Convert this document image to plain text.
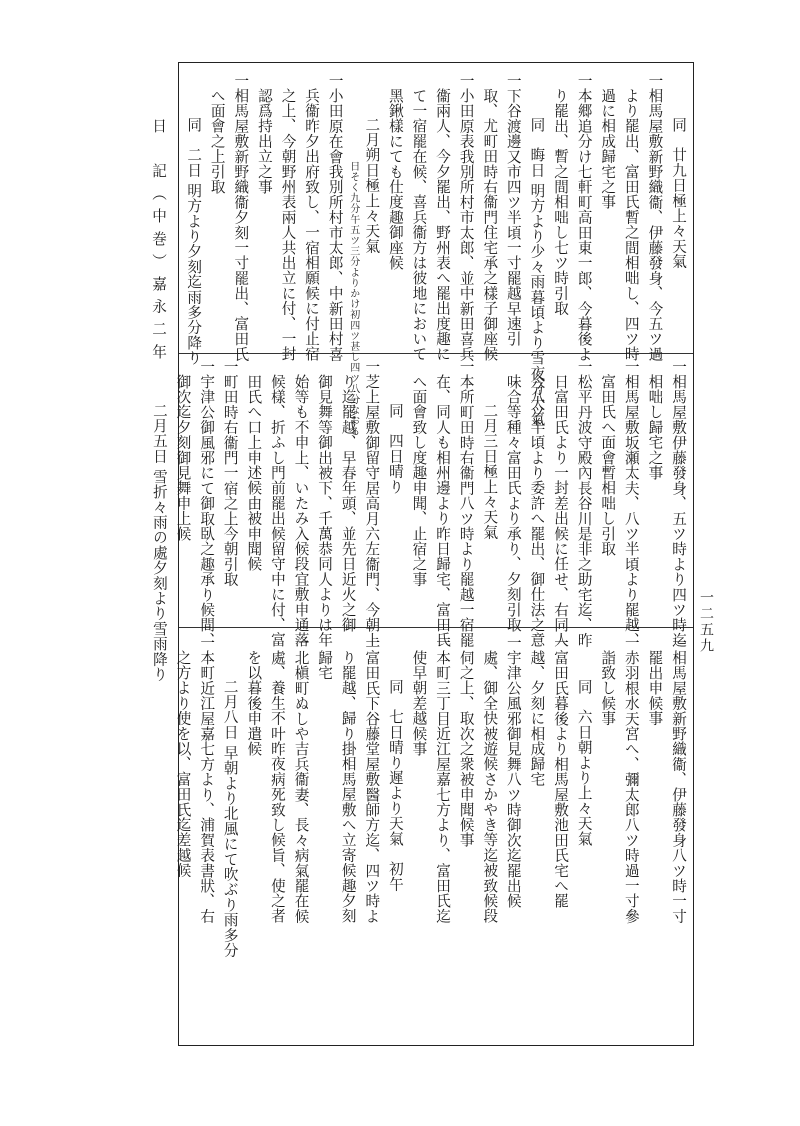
日　記（中巻）嘉永二年
一二五九
同　廿九日極上々天氣
一相馬屋敷新野織衞、伊藤發身、今五ツ過
より罷出、富田氏暫之間相咄し、四ツ時
過に相成歸宅之事
一本郷追分け七軒町高田東一郎、今暮後よ
り罷出、暫之間相咄し七ツ時引取
同　晦日 明方より少々雨暮頃より雪夜分大氣
一下谷渡邊又市四ツ半頃一寸罷越早速引
取、尤町田時右衞門住宅承之樣子御座候
一小田原表我別所村市太郎、並中新田喜兵
衞兩人、今夕罷出、野州表へ罷出度趣に
て一宿罷在候、喜兵衞方は彼地において
黑鍬樣にても仕度趣御座候
二月朔日極上々天氣
日そく九分午五ツ三分よりかけ初四ツ甚し四ツ八分なおる
一小田原在會我別所村市太郎、中新田村喜
兵衞昨夕出府致し、一宿相願候に付止宿
之上、今朝野州表兩人共出立に付、一封
認爲持出立之事
一相馬屋敷新野織衞夕刻一寸罷出、富田氏
へ面會之上引取
同　二日 明方より夕刻迄雨多分降り
一相馬屋敷伊藤發身、五ツ時より四ツ時迄
相咄し歸宅之事
一相馬屋敷坂瀬太夫、八ツ半頃より罷越、
富田氏へ面會暫相咄し引取
一松平丹波守殿內長谷川是非之助宅迄、昨
日富田氏より一封差出候に任せ、右同人
今八ツ半頃より委許へ罷出、御仕法之意
味合等種々富田氏より承り、夕刻引取
二月三日極上々天氣
一本所町田時右衞門八ツ時より罷越一宿罷
在、同人も相州邊より昨日歸宅、富田氏
へ面會致し度趣申聞、止宿之事
同　四日晴り
一芝上屋敷御留守居高月六左衞門、今朝上
り迄罷越、早春年頭、並先日近火之御
御見舞等御出被下、千萬恭同人よりは年
始等も不申上、いたみ入候段宜敷申通落
候樣、折ふし門前罷出候留守中に付、富
田氏へ口上申述候由被申聞候
一町田時右衞門一宿之上今朝引取
一宇津公御風邪にて御取臥之趣承り候間、
御次迄夕刻御見舞申上候
二月五日 雪折々雨の處夕刻より雪雨降り
一相馬屋敷新野織衞、伊藤發身八ツ時一寸
罷出申候事
一赤羽根水天宮へ、彌太郎八ツ時過一寸參
詣致し候事
同　六日朝より上々天氣
一富田氏暮後より相馬屋敷池田氏宅へ罷
越、夕刻に相成歸宅
一宇津公風邪御見舞八ツ時御次迄罷出候
處、御全快被遊候さかやき等迄被致候段
伺之上、取次之衆被申聞候事
一本町三丁目近江屋嘉七方より、富田氏迄
使早朝差越候事
同　七日晴り遲より天氣　初午
一富田氏下谷藤堂屋敷醫師方迄、四ツ時よ
り罷越、歸り掛相馬屋敷へ立寄候趣夕刻
歸宅
一北槇町ぬしや吉兵衞妻、長々病氣罷在候
處、養生不叶昨夜病死致し候旨、使之者
を以暮後申遣候
二月八日 早朝より北風にて吹ぶり雨多分
一本町近江屋嘉七方より、浦賀表書狀、右
之方より使を以、富田氏迄差越候
